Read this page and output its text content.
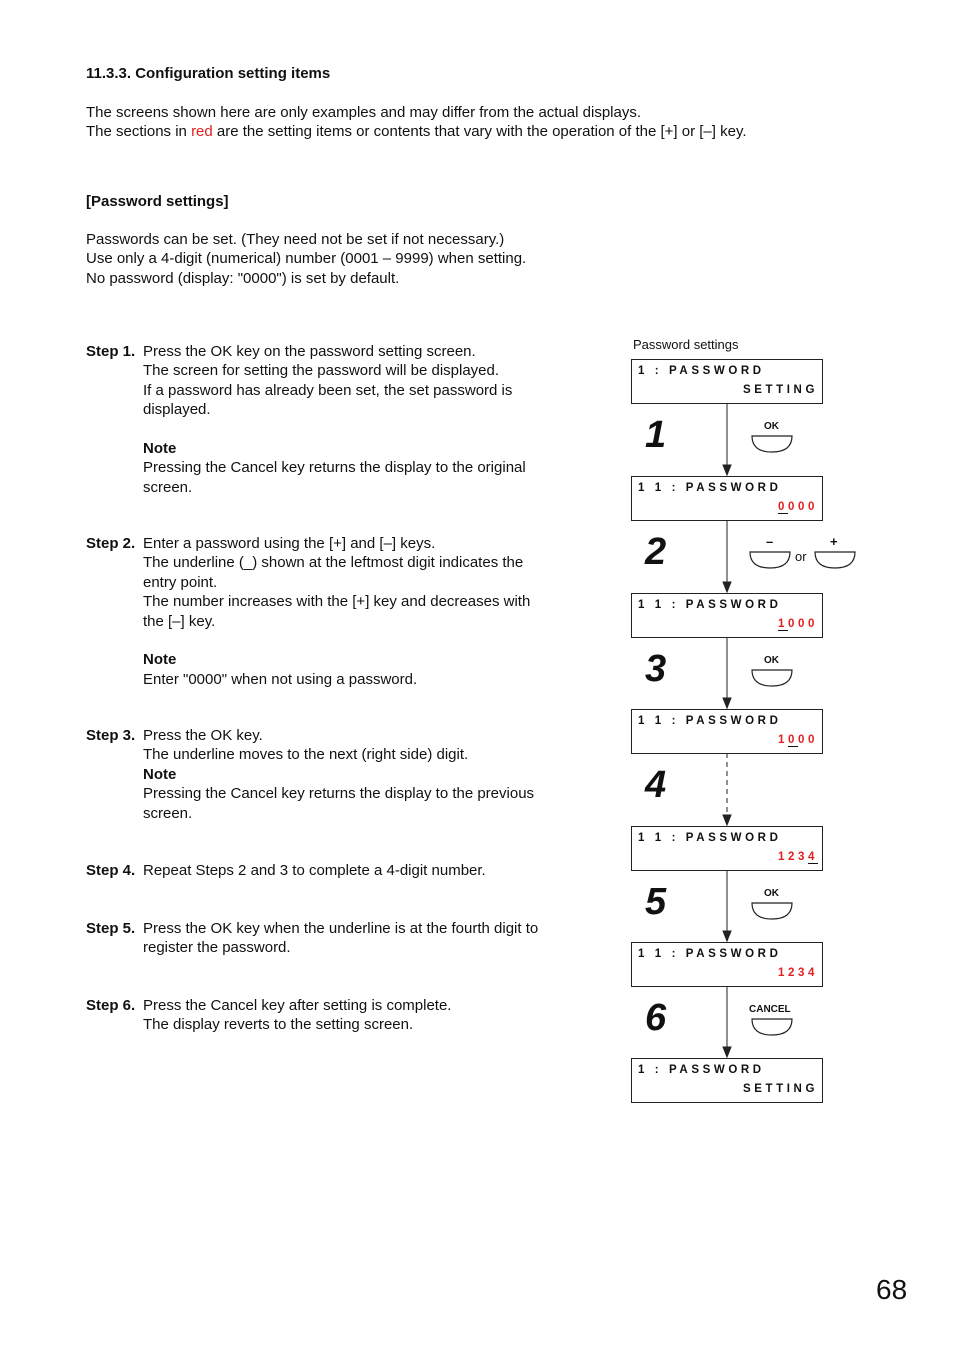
11.3.3. Configuration setting items
The screens shown here are only examples and may differ from the actual displays.
The sections in red are the setting items or contents that vary with the operation of the [+] or [–] key.
[Password settings]
Passwords can be set. (They need not be set if not necessary.)
Use only a 4-digit (numerical) number (0001 – 9999) when setting.
No password (display: "0000") is set by default.
Step 1. Press the OK key on the password setting screen.
The screen for setting the password will be displayed.
If a password has already been set, the set password is
displayed.
Note
Pressing the Cancel key returns the display to the original
screen.
Step 2. Enter a password using the [+] and [–] keys.
The underline (_) shown at the leftmost digit indicates the
entry point.
The number increases with the [+] key and decreases with
the [–] key.
Note
Enter "0000" when not using a password.
Step 3. Press the OK key.
The underline moves to the next (right side) digit.
Note
Pressing the Cancel key returns the display to the previous
screen.
Step 4. Repeat Steps 2 and 3 to complete a 4-digit number.
Step 5. Press the OK key when the underline is at the fourth digit to
register the password.
Step 6. Press the Cancel key after setting is complete.
The display reverts to the setting screen.
Password settings
1 : PASSWORD
SETTING
1 1 : PASSWORD
0000
1 1 : PASSWORD
1000
1 1 : PASSWORD
1000
1 1 : PASSWORD
1234
1 1 : PASSWORD
1234
1 : PASSWORD
SETTING
1
2
3
4
5
6
OK
–
or
+
OK
OK
CANCEL
68
